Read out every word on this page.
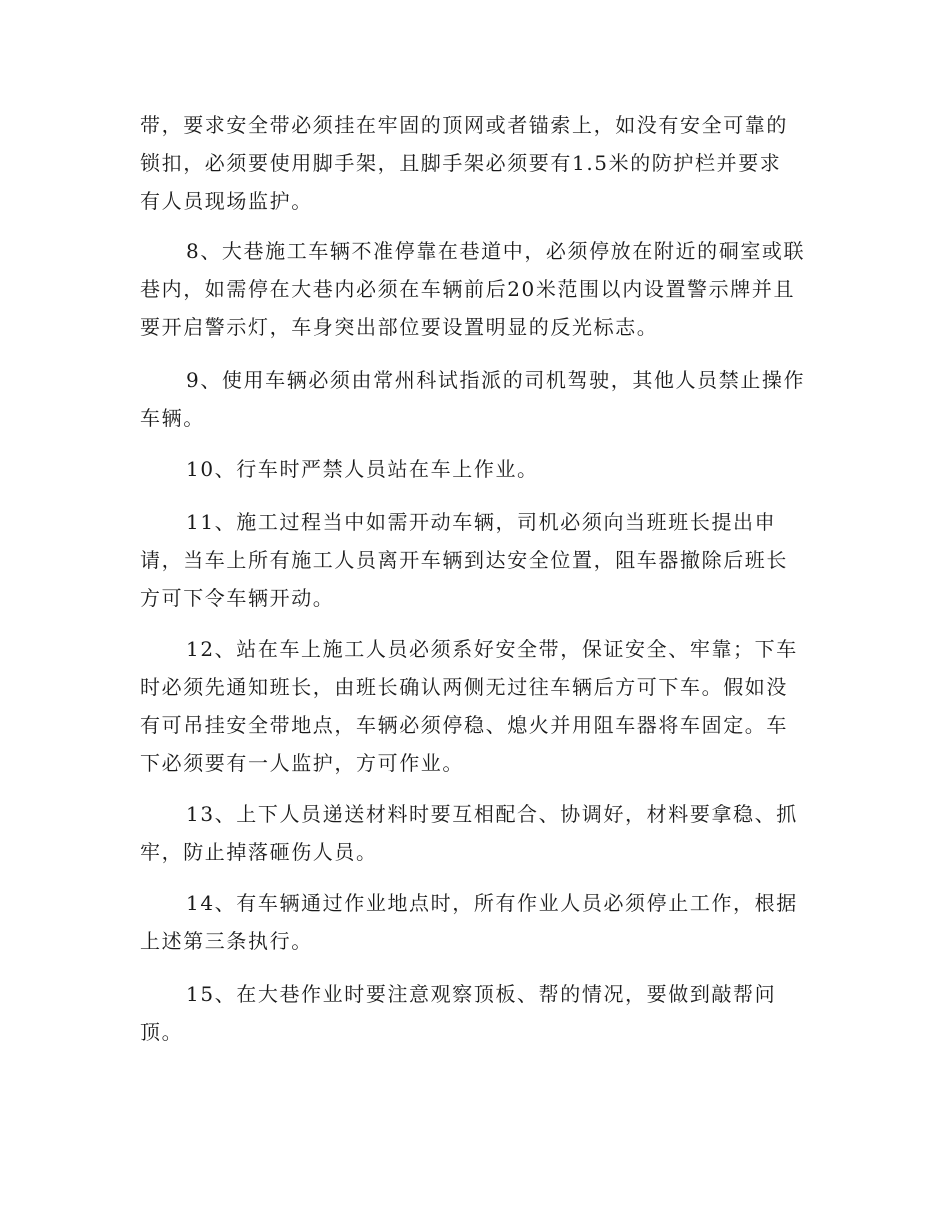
带，要求安全带必须挂在牢固的顶网或者锚索上，如没有安全可靠的
锁扣，必须要使用脚手架，且脚手架必须要有1.5米的防护栏并要求
有人员现场监护。
8、大巷施工车辆不准停靠在巷道中，必须停放在附近的硐室或联
巷内，如需停在大巷内必须在车辆前后20米范围以内设置警示牌并且
要开启警示灯，车身突出部位要设置明显的反光标志。
9、使用车辆必须由常州科试指派的司机驾驶，其他人员禁止操作
车辆。
10、行车时严禁人员站在车上作业。
11、施工过程当中如需开动车辆，司机必须向当班班长提出申
请，当车上所有施工人员离开车辆到达安全位置，阻车器撤除后班长
方可下令车辆开动。
12、站在车上施工人员必须系好安全带，保证安全、牢靠；下车
时必须先通知班长，由班长确认两侧无过往车辆后方可下车。假如没
有可吊挂安全带地点，车辆必须停稳、熄火并用阻车器将车固定。车
下必须要有一人监护，方可作业。
13、上下人员递送材料时要互相配合、协调好，材料要拿稳、抓
牢，防止掉落砸伤人员。
14、有车辆通过作业地点时，所有作业人员必须停止工作，根据
上述第三条执行。
15、在大巷作业时要注意观察顶板、帮的情况，要做到敲帮问
顶。
